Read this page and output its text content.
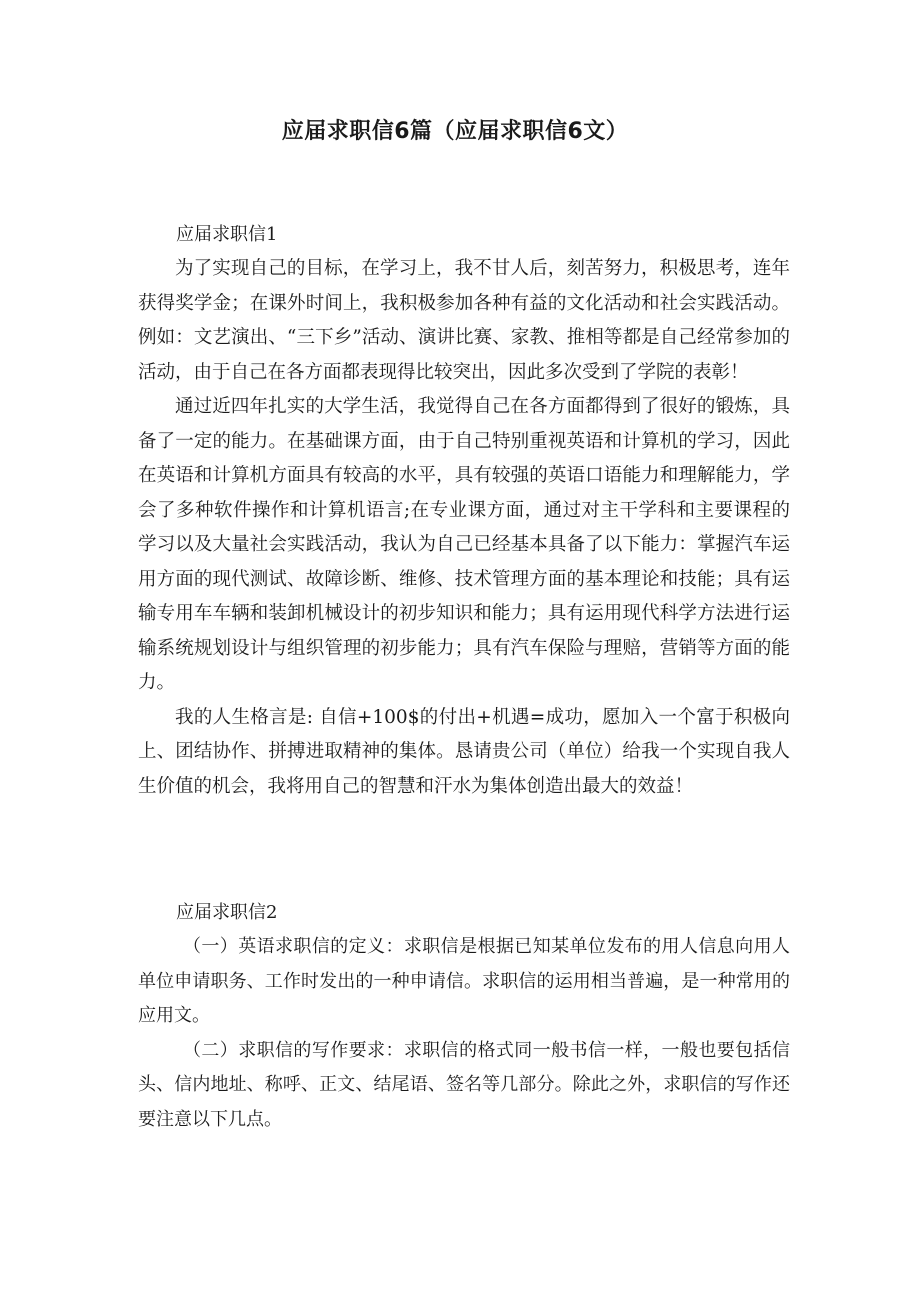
应届求职信6篇（应届求职信6文）

应届求职信1

为了实现自己的目标，在学习上，我不甘人后，刻苦努力，积极思考，连年获得奖学金；在课外时间上，我积极参加各种有益的文化活动和社会实践活动。例如：文艺演出、“三下乡”活动、演讲比赛、家教、推相等都是自己经常参加的活动，由于自己在各方面都表现得比较突出，因此多次受到了学院的表彰！

通过近四年扎实的大学生活，我觉得自己在各方面都得到了很好的锻炼，具备了一定的能力。在基础课方面，由于自己特别重视英语和计算机的学习，因此在英语和计算机方面具有较高的水平，具有较强的英语口语能力和理解能力，学会了多种软件操作和计算机语言;在专业课方面，通过对主干学科和主要课程的学习以及大量社会实践活动，我认为自己已经基本具备了以下能力：掌握汽车运用方面的现代测试、故障诊断、维修、技术管理方面的基本理论和技能；具有运输专用车车辆和装卸机械设计的初步知识和能力；具有运用现代科学方法进行运输系统规划设计与组织管理的初步能力；具有汽车保险与理赔，营销等方面的能力。

我的人生格言是: 自信+100$的付出+机遇=成功，愿加入一个富于积极向上、团结协作、拼搏进取精神的集体。恳请贵公司（单位）给我一个实现自我人生价值的机会，我将用自己的智慧和汗水为集体创造出最大的效益！

应届求职信2

（一）英语求职信的定义：求职信是根据已知某单位发布的用人信息向用人单位申请职务、工作时发出的一种申请信。求职信的运用相当普遍，是一种常用的应用文。

（二）求职信的写作要求：求职信的格式同一般书信一样，一般也要包括信头、信内地址、称呼、正文、结尾语、签名等几部分。除此之外，求职信的写作还要注意以下几点。
